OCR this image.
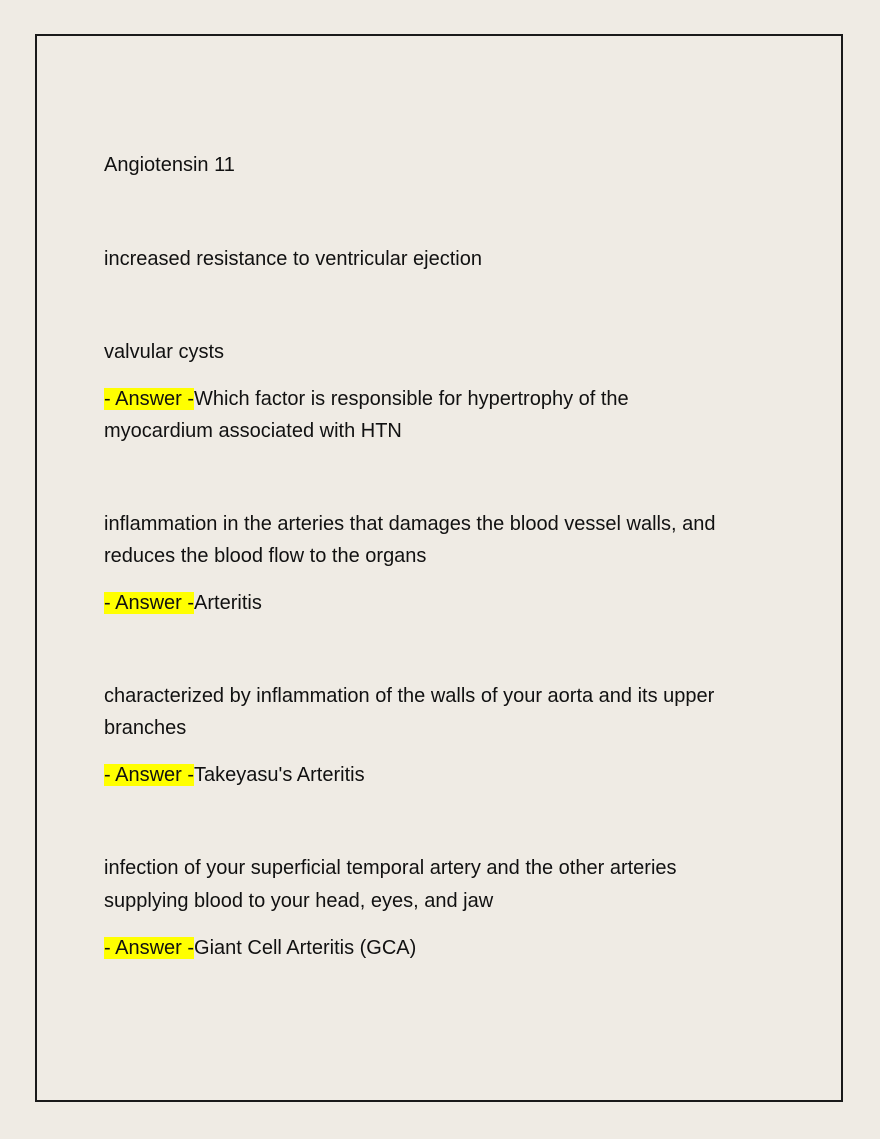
Angiotensin 11
increased resistance to ventricular ejection
valvular cysts
- Answer -Which factor is responsible for hypertrophy of the
myocardium associated with HTN
inflammation in the arteries that damages the blood vessel walls, and
reduces the blood flow to the organs
- Answer -Arteritis
characterized by inflammation of the walls of your aorta and its upper
branches
- Answer -Takeyasu's Arteritis
infection of your superficial temporal artery and the other arteries
supplying blood to your head, eyes, and jaw
- Answer -Giant Cell Arteritis (GCA)
